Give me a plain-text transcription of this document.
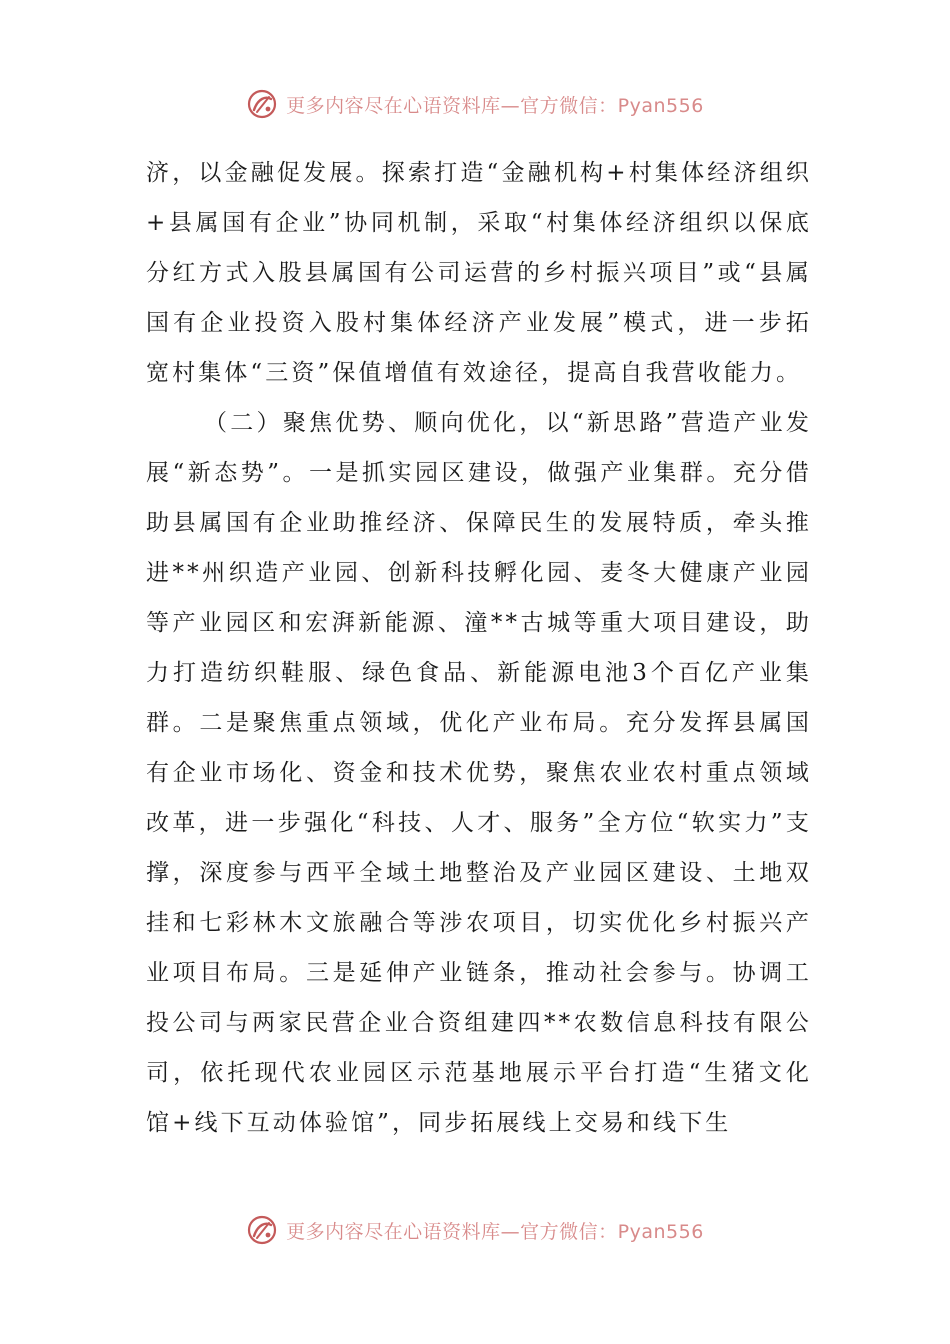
更多内容尽在心语资料库—官方微信：Pyan556

济，以金融促发展。探索打造“金融机构+村集体经济组织+县属国有企业”协同机制，采取“村集体经济组织以保底分红方式入股县属国有公司运营的乡村振兴项目”或“县属国有企业投资入股村集体经济产业发展”模式，进一步拓宽村集体“三资”保值增值有效途径，提高自我营收能力。

（二）聚焦优势、顺向优化，以“新思路”营造产业发展“新态势”。一是抓实园区建设，做强产业集群。充分借助县属国有企业助推经济、保障民生的发展特质，牵头推进**州织造产业园、创新科技孵化园、麦冬大健康产业园等产业园区和宏湃新能源、潼**古城等重大项目建设，助力打造纺织鞋服、绿色食品、新能源电池3个百亿产业集群。二是聚焦重点领域，优化产业布局。充分发挥县属国有企业市场化、资金和技术优势，聚焦农业农村重点领域改革，进一步强化“科技、人才、服务”全方位“软实力”支撑，深度参与西平全域土地整治及产业园区建设、土地双挂和七彩林木文旅融合等涉农项目，切实优化乡村振兴产业项目布局。三是延伸产业链条，推动社会参与。协调工投公司与两家民营企业合资组建四**农数信息科技有限公司，依托现代农业园区示范基地展示平台打造“生猪文化馆+线下互动体验馆”，同步拓展线上交易和线下生

更多内容尽在心语资料库—官方微信：Pyan556
